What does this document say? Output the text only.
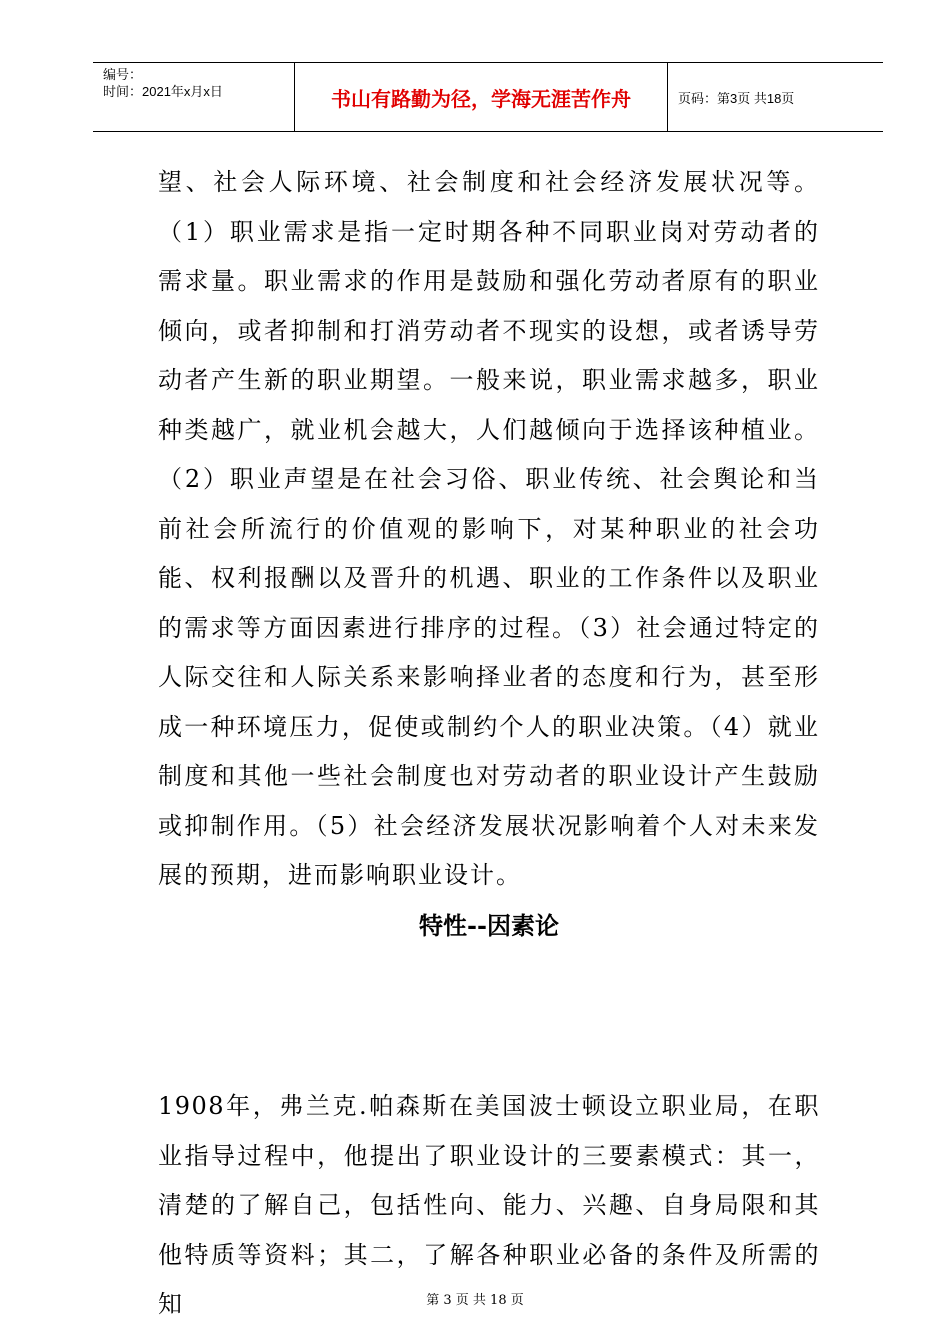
编号：
时间：2021年x月x日	书山有路勤为径，学海无涯苦作舟	页码：第3页 共18页

望、社会人际环境、社会制度和社会经济发展状况等。（1）职业需求是指一定时期各种不同职业岗对劳动者的需求量。职业需求的作用是鼓励和强化劳动者原有的职业倾向，或者抑制和打消劳动者不现实的设想，或者诱导劳动者产生新的职业期望。一般来说，职业需求越多，职业种类越广，就业机会越大，人们越倾向于选择该种植业。（2）职业声望是在社会习俗、职业传统、社会舆论和当前社会所流行的价值观的影响下，对某种职业的社会功能、权利报酬以及晋升的机遇、职业的工作条件以及职业的需求等方面因素进行排序的过程。（3）社会通过特定的人际交往和人际关系来影响择业者的态度和行为，甚至形成一种环境压力，促使或制约个人的职业决策。（4）就业制度和其他一些社会制度也对劳动者的职业设计产生鼓励或抑制作用。（5）社会经济发展状况影响着个人对未来发展的预期，进而影响职业设计。

特性--因素论

1908年，弗兰克.帕森斯在美国波士顿设立职业局，在职业指导过程中，他提出了职业设计的三要素模式：其一，清楚的了解自己，包括性向、能力、兴趣、自身局限和其他特质等资料；其二，了解各种职业必备的条件及所需的知	第 3 页 共 18 页
